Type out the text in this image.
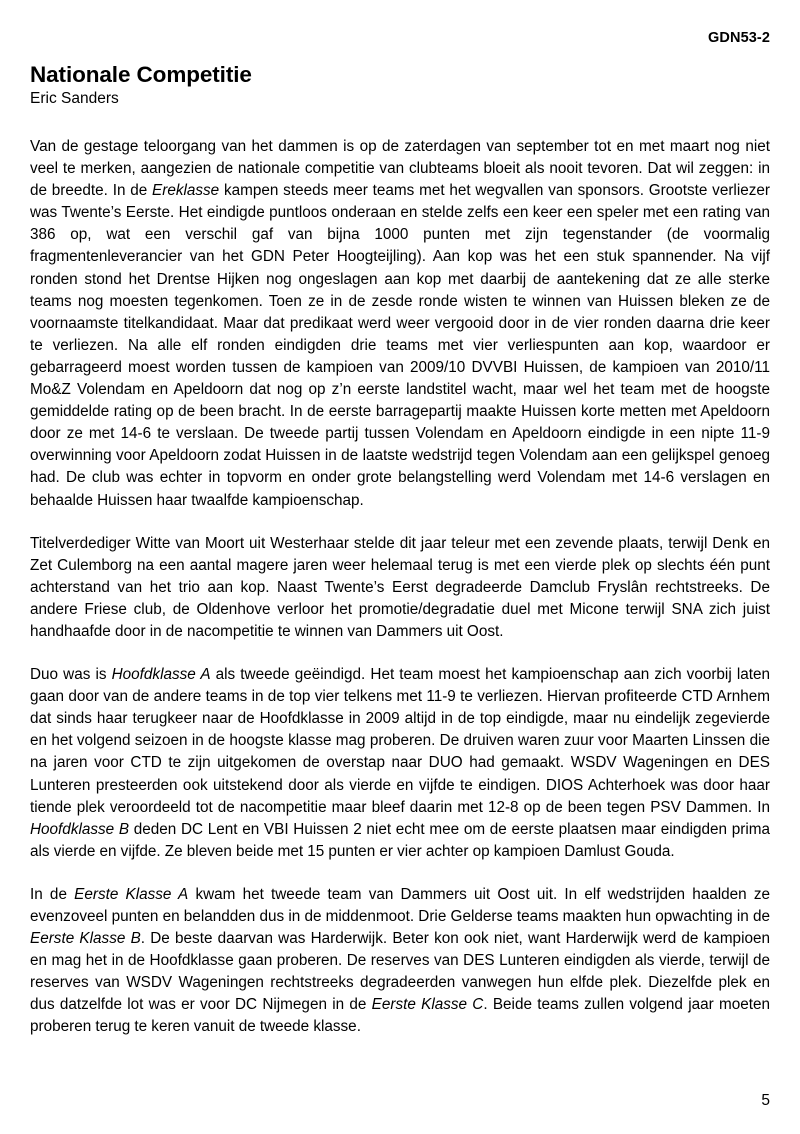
GDN53-2
Nationale Competitie
Eric Sanders

Van de gestage teloorgang van het dammen is op de zaterdagen van september tot en met maart nog niet veel te merken, aangezien de nationale competitie van clubteams bloeit als nooit tevoren. Dat wil zeggen: in de breedte. In de Ereklasse kampen steeds meer teams met het wegvallen van sponsors. Grootste verliezer was Twente’s Eerste. Het eindigde puntloos onderaan en stelde zelfs een keer een speler met een rating van 386 op, wat een verschil gaf van bijna 1000 punten met zijn tegenstander (de voormalig fragmentenleverancier van het GDN Peter Hoogteijling). Aan kop was het een stuk spannender. Na vijf ronden stond het Drentse Hijken nog ongeslagen aan kop met daarbij de aantekening dat ze alle sterke teams nog moesten tegenkomen. Toen ze in de zesde ronde wisten te winnen van Huissen bleken ze de voornaamste titelkandidaat. Maar dat predikaat werd weer vergooid door in de vier ronden daarna drie keer te verliezen. Na alle elf ronden eindigden drie teams met vier verliespunten aan kop, waardoor er gebarrageerd moest worden tussen de kampioen van 2009/10 DVVBI Huissen, de kampioen van 2010/11 Mo&Z Volendam en Apeldoorn dat nog op z’n eerste landstitel wacht, maar wel het team met de hoogste gemiddelde rating op de been bracht. In de eerste barragepartij maakte Huissen korte metten met Apeldoorn door ze met 14-6 te verslaan. De tweede partij tussen Volendam en Apeldoorn eindigde in een nipte 11-9 overwinning voor Apeldoorn zodat Huissen in de laatste wedstrijd tegen Volendam aan een gelijkspel genoeg had. De club was echter in topvorm en onder grote belangstelling werd Volendam met 14-6 verslagen en behaalde Huissen haar twaalfde kampioenschap.

Titelverdediger Witte van Moort uit Westerhaar stelde dit jaar teleur met een zevende plaats, terwijl Denk en Zet Culemborg na een aantal magere jaren weer helemaal terug is met een vierde plek op slechts één punt achterstand van het trio aan kop. Naast Twente’s Eerst degradeerde Damclub Fryslân rechtstreeks. De andere Friese club, de Oldenhove verloor het promotie/degradatie duel met Micone terwijl SNA zich juist handhaafde door in de nacompetitie te winnen van Dammers uit Oost.

Duo was is Hoofdklasse A als tweede geëindigd. Het team moest het kampioenschap aan zich voorbij laten gaan door van de andere teams in de top vier telkens met 11-9 te verliezen. Hiervan profiteerde CTD Arnhem dat sinds haar terugkeer naar de Hoofdklasse in 2009 altijd in de top eindigde, maar nu eindelijk zegevierde en het volgend seizoen in de hoogste klasse mag proberen. De druiven waren zuur voor Maarten Linssen die na jaren voor CTD te zijn uitgekomen de overstap naar DUO had gemaakt. WSDV Wageningen en DES Lunteren presteerden ook uitstekend door als vierde en vijfde te eindigen. DIOS Achterhoek was door haar tiende plek veroordeeld tot de nacompetitie maar bleef daarin met 12-8 op de been tegen PSV Dammen. In Hoofdklasse B deden DC Lent en VBI Huissen 2 niet echt mee om de eerste plaatsen maar eindigden prima als vierde en vijfde. Ze bleven beide met 15 punten er vier achter op kampioen Damlust Gouda.

In de Eerste Klasse A kwam het tweede team van Dammers uit Oost uit. In elf wedstrijden haalden ze evenzoveel punten en belandden dus in de middenmoot. Drie Gelderse teams maakten hun opwachting in de Eerste Klasse B. De beste daarvan was Harderwijk. Beter kon ook niet, want Harderwijk werd de kampioen en mag het in de Hoofdklasse gaan proberen. De reserves van DES Lunteren eindigden als vierde, terwijl de reserves van WSDV Wageningen rechtstreeks degradeerden vanwegen hun elfde plek. Diezelfde plek en dus datzelfde lot was er voor DC Nijmegen in de Eerste Klasse C. Beide teams zullen volgend jaar moeten proberen terug te keren vanuit de tweede klasse.

5
